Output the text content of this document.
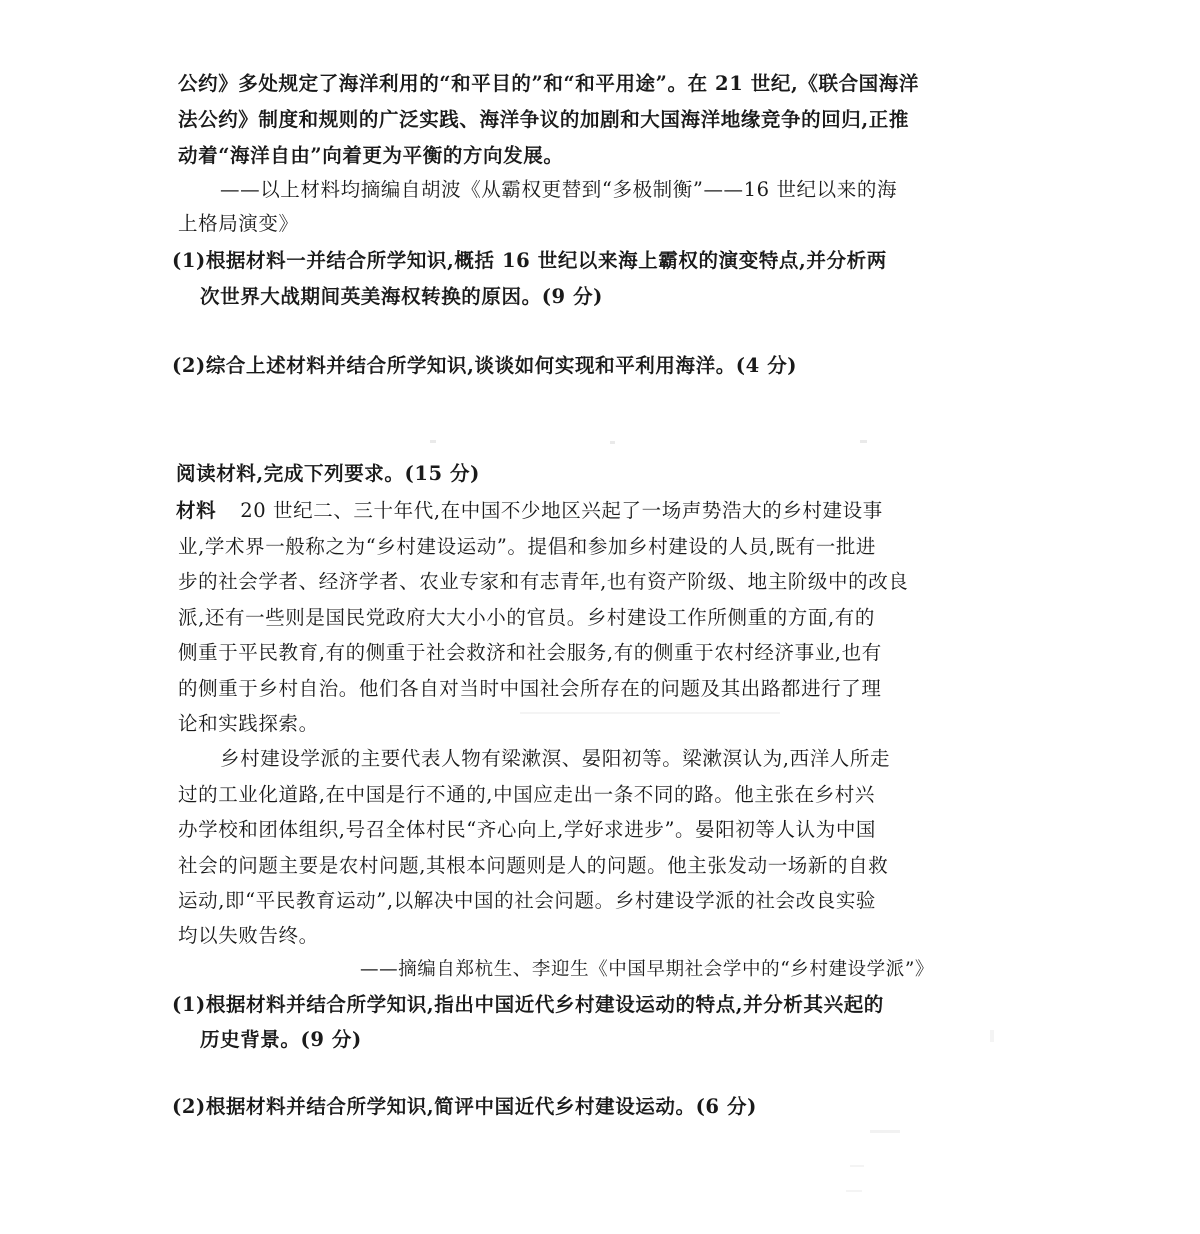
公约》多处规定了海洋利用的“和平目的”和“和平用途”。在 21 世纪,《联合国海洋
法公约》制度和规则的广泛实践、海洋争议的加剧和大国海洋地缘竞争的回归,正推
动着“海洋自由”向着更为平衡的方向发展。
——以上材料均摘编自胡波《从霸权更替到“多极制衡”——16 世纪以来的海
上格局演变》
(1)根据材料一并结合所学知识,概括 16 世纪以来海上霸权的演变特点,并分析两
次世界大战期间英美海权转换的原因。(9 分)
(2)综合上述材料并结合所学知识,谈谈如何实现和平利用海洋。(4 分)
阅读材料,完成下列要求。(15 分)
材料 20 世纪二、三十年代,在中国不少地区兴起了一场声势浩大的乡村建设事
业,学术界一般称之为“乡村建设运动”。提倡和参加乡村建设的人员,既有一批进
步的社会学者、经济学者、农业专家和有志青年,也有资产阶级、地主阶级中的改良
派,还有一些则是国民党政府大大小小的官员。乡村建设工作所侧重的方面,有的
侧重于平民教育,有的侧重于社会救济和社会服务,有的侧重于农村经济事业,也有
的侧重于乡村自治。他们各自对当时中国社会所存在的问题及其出路都进行了理
论和实践探索。
乡村建设学派的主要代表人物有梁漱溟、晏阳初等。梁漱溟认为,西洋人所走
过的工业化道路,在中国是行不通的,中国应走出一条不同的路。他主张在乡村兴
办学校和团体组织,号召全体村民“齐心向上,学好求进步”。晏阳初等人认为中国
社会的问题主要是农村问题,其根本问题则是人的问题。他主张发动一场新的自救
运动,即“平民教育运动”,以解决中国的社会问题。乡村建设学派的社会改良实验
均以失败告终。
——摘编自郑杭生、李迎生《中国早期社会学中的“乡村建设学派”》
(1)根据材料并结合所学知识,指出中国近代乡村建设运动的特点,并分析其兴起的
历史背景。(9 分)
(2)根据材料并结合所学知识,简评中国近代乡村建设运动。(6 分)
